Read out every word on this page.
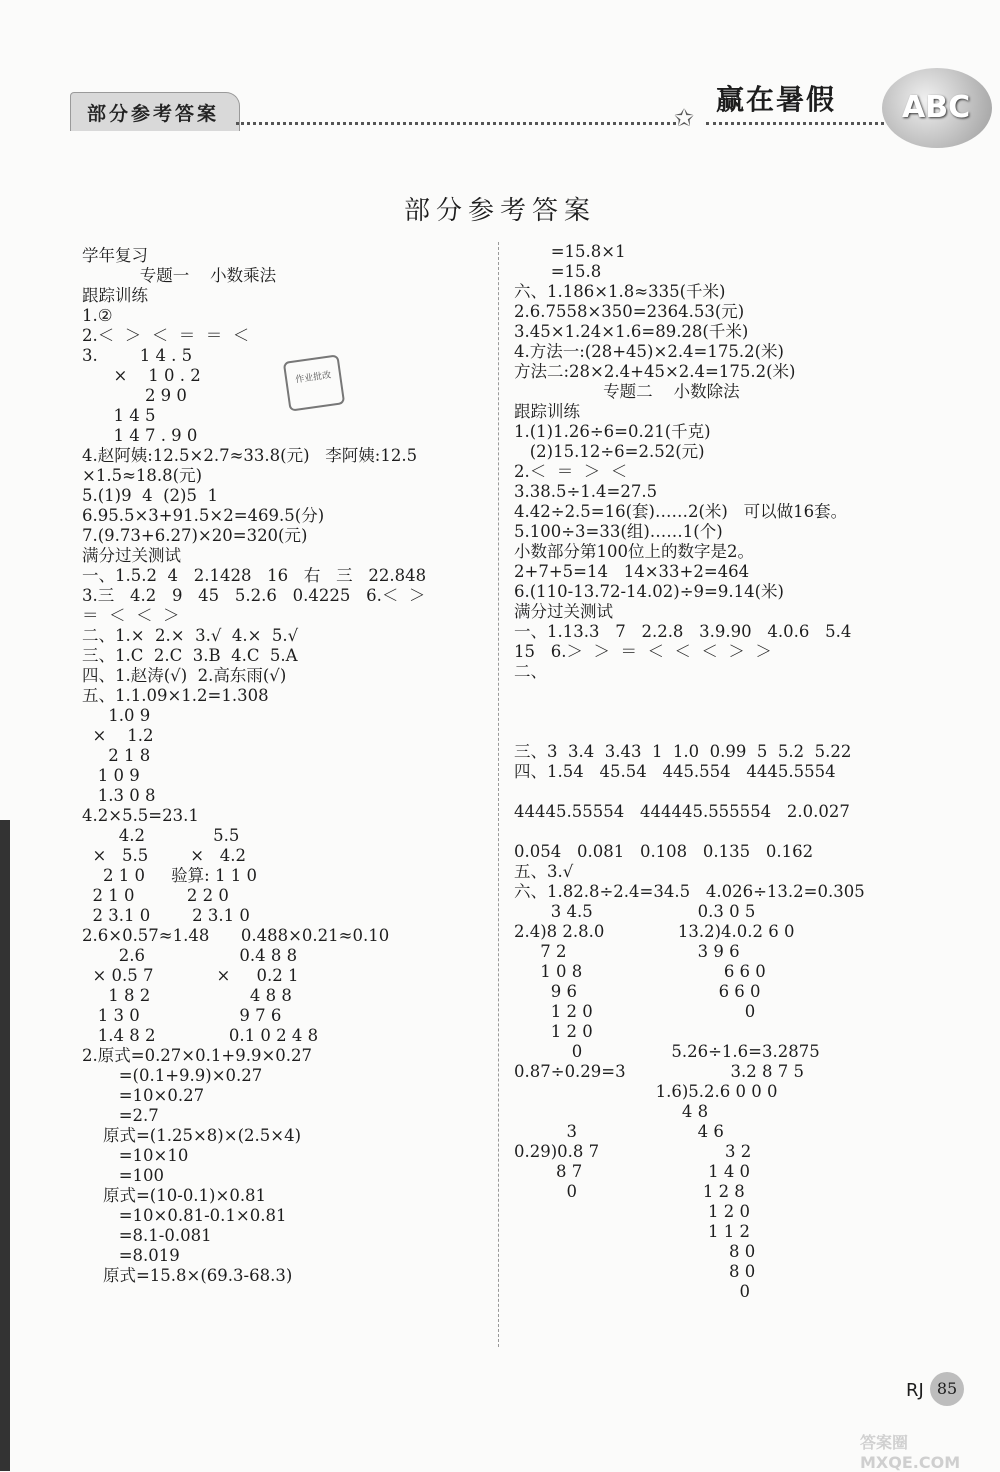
部分参考答案	✩
赢在暑假 ABC
部分参考答案
作业批改
学年复习
专题一    小数乘法
跟踪训练
1.②
2.＜  ＞  ＜  ＝  ＝  ＜
3.        1 4 . 5
×    1 0 . 2
2 9 0
1 4 5
1 4 7 . 9 0
4.赵阿姨:12.5×2.7≈33.8(元)   李阿姨:12.5
×1.5≈18.8(元)
5.(1)9  4  (2)5  1
6.95.5×3+91.5×2=469.5(分)
7.(9.73+6.27)×20=320(元)
满分过关测试
一、1.5.2  4   2.1428   16   右   三   22.848
3.三   4.2   9   45   5.2.6   0.4225   6.＜  ＞
＝  ＜  ＜  ＞
二、1.×  2.×  3.√  4.×  5.√
三、1.C  2.C  3.B  4.C  5.A
四、1.赵涛(√)  2.高东雨(√)
五、1.1.09×1.2=1.308
1.0 9
×    1.2
2 1 8
1 0 9
1.3 0 8
4.2×5.5=23.1
4.2             5.5
×   5.5        ×   4.2
2 1 0     验算: 1 1 0
2 1 0          2 2 0
2 3.1 0        2 3.1 0
2.6×0.57≈1.48      0.488×0.21≈0.10
2.6                  0.4 8 8
× 0.5 7            ×     0.2 1
1 8 2                   4 8 8
1 3 0                   9 7 6
1.4 8 2              0.1 0 2 4 8
2.原式=0.27×0.1+9.9×0.27
=(0.1+9.9)×0.27
=10×0.27
=2.7
原式=(1.25×8)×(2.5×4)
=10×10
=100
原式=(10-0.1)×0.81
=10×0.81-0.1×0.81
=8.1-0.081
=8.019
原式=15.8×(69.3-68.3)
=15.8×1
=15.8
六、1.186×1.8≈335(千米)
2.6.7558×350=2364.53(元)
3.45×1.24×1.6=89.28(千米)
4.方法一:(28+45)×2.4=175.2(米)
方法二:28×2.4+45×2.4=175.2(米)
专题二    小数除法
跟踪训练
1.(1)1.26÷6=0.21(千克)
(2)15.12÷6=2.52(元)
2.＜  ＝  ＞  ＜
3.38.5÷1.4=27.5
4.42÷2.5=16(套)……2(米)   可以做16套。
5.100÷3=33(组)……1(个)
小数部分第100位上的数字是2。
2+7+5=14   14×33+2=464
6.(110-13.72-14.02)÷9=9.14(米)
满分过关测试
一、1.13.3   7   2.2.8   3.9.90   4.0.6   5.4
15   6.＞  ＞  ＝  ＜  ＜  ＜  ＞  ＞
二、
三、3  3.4  3.43  1  1.0  0.99  5  5.2  5.22
四、1.54   45.54   445.554   4445.5554
44445.55554   444445.555554   2.0.027
0.054   0.081   0.108   0.135   0.162
五、3.√
六、1.82.8÷2.4=34.5   4.026÷13.2=0.305
3 4.5                    0.3 0 5
2.4)8 2.8.0              13.2)4.0.2 6 0
7 2                         3 9 6
1 0 8                           6 6 0
9 6                           6 6 0
1 2 0                             0
1 2 0
0                 5.26÷1.6=3.2875
0.87÷0.29=3                    3.2 8 7 5
1.6)5.2.6 0 0 0
4 8
3                       4 6
0.29)0.8 7                        3 2
8 7                        1 4 0
0                        1 2 8
1 2 0
1 1 2
8 0
8 0
0
RJ 85
答案圈 MXQE.COM
